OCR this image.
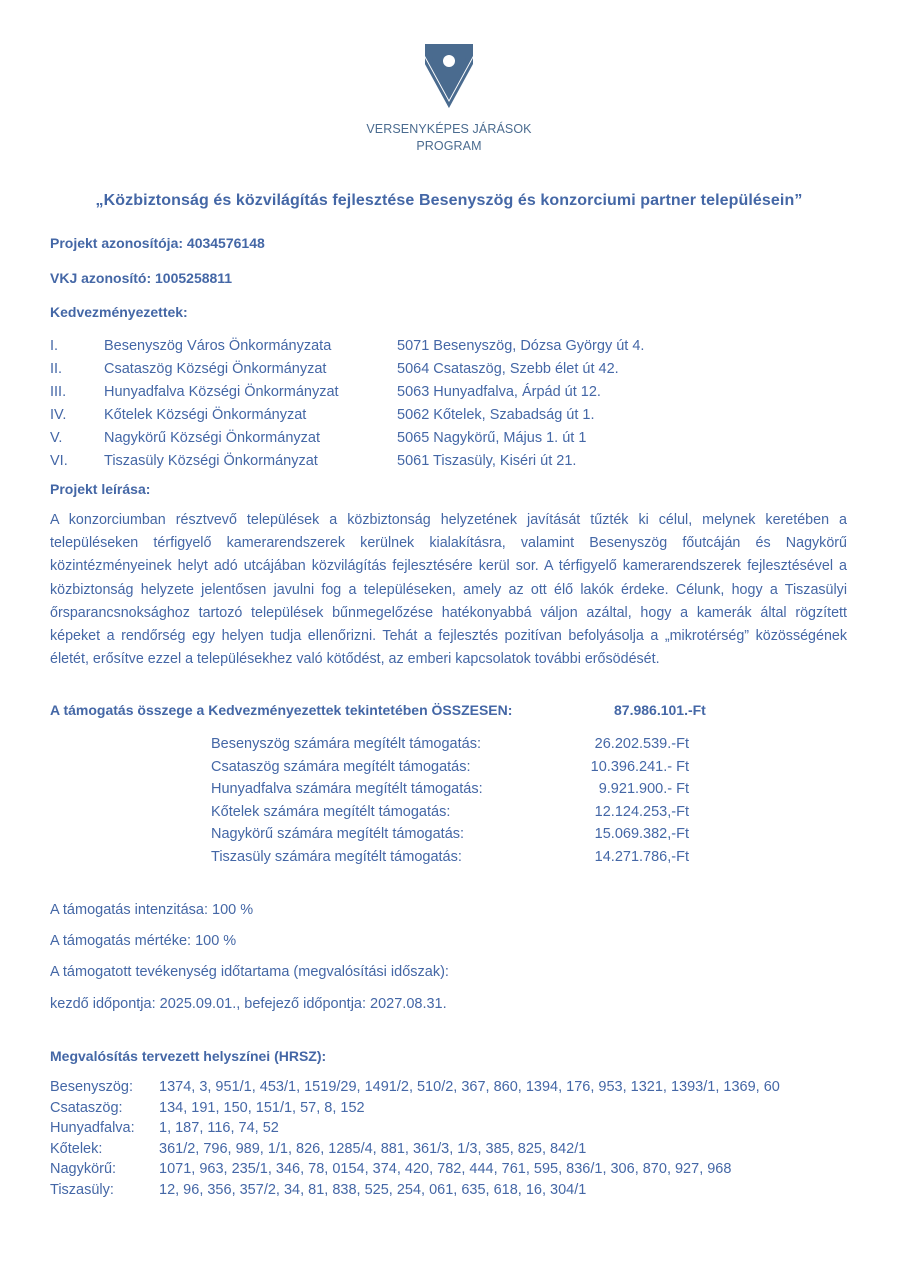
VERSENYKÉPES JÁRÁSOK
PROGRAM
„Közbiztonság és közvilágítás fejlesztése Besenyszög és konzorciumi partner településein”
Projekt azonosítója: 4034576148
VKJ azonosító: 1005258811
Kedvezményezettek:
I.	Besenyszög Város Önkormányzata	5071 Besenyszög, Dózsa György út 4.
II.	Csataszög Községi Önkormányzat	5064 Csataszög, Szebb élet út 42.
III.	Hunyadfalva Községi Önkormányzat	5063 Hunyadfalva, Árpád út 12.
IV.	Kőtelek Községi Önkormányzat	5062 Kőtelek, Szabadság út 1.
V.	Nagykörű Községi Önkormányzat	5065 Nagykörű, Május 1. út 1
VI.	Tiszasüly Községi Önkormányzat	5061 Tiszasüly, Kiséri út 21.
Projekt leírása:
A konzorciumban résztvevő települések a közbiztonság helyzetének javítását tűzték ki célul, melynek keretében a településeken térfigyelő kamerarendszerek kerülnek kialakításra, valamint Besenyszög főutcáján és Nagykörű közintézményeinek helyt adó utcájában közvilágítás fejlesztésére kerül sor. A térfigyelő kamerarendszerek fejlesztésével a közbiztonság helyzete jelentősen javulni fog a településeken, amely az ott élő lakók érdeke. Célunk, hogy a Tiszasülyi őrsparancsnoksághoz tartozó települések bűnmegelőzése hatékonyabbá váljon azáltal, hogy a kamerák által rögzített képeket a rendőrség egy helyen tudja ellenőrizni. Tehát a fejlesztés pozitívan befolyásolja a „mikrotérség” közösségének életét, erősítve ezzel a településekhez való kötődést, az emberi kapcsolatok további erősödését.
A támogatás összege a Kedvezményezettek tekintetében ÖSSZESEN:	87.986.101.-Ft
Besenyszög számára megítélt támogatás:	26.202.539.-Ft
Csataszög számára megítélt támogatás:	10.396.241.- Ft
Hunyadfalva számára megítélt támogatás:	9.921.900.- Ft
Kőtelek számára megítélt támogatás:	12.124.253,-Ft
Nagykörű számára megítélt támogatás:	15.069.382,-Ft
Tiszasüly számára megítélt támogatás:	14.271.786,-Ft
A támogatás intenzitása: 100 %
A támogatás mértéke: 100 %
A támogatott tevékenység időtartama (megvalósítási időszak):
kezdő időpontja: 2025.09.01., befejező időpontja: 2027.08.31.
Megvalósítás tervezett helyszínei (HRSZ):
Besenyszög: 1374, 3, 951/1, 453/1, 1519/29, 1491/2, 510/2, 367, 860, 1394, 176, 953, 1321, 1393/1, 1369, 60
Csataszög:	134, 191, 150, 151/1, 57, 8, 152
Hunyadfalva: 1, 187, 116, 74, 52
Kőtelek:	361/2, 796, 989, 1/1, 826, 1285/4, 881, 361/3, 1/3, 385, 825, 842/1
Nagykörű:	1071, 963, 235/1, 346, 78, 0154, 374, 420, 782, 444, 761, 595, 836/1, 306, 870, 927, 968
Tiszasüly:	12, 96, 356, 357/2, 34, 81, 838, 525, 254, 061, 635, 618, 16, 304/1
